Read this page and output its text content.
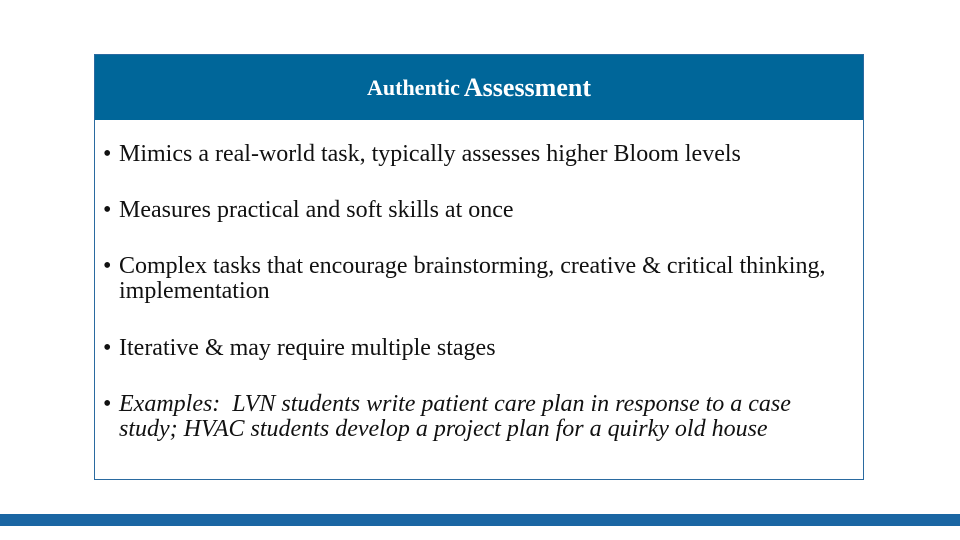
Authentic
Assessment
• Mimics a real-world task, typically assesses higher Bloom levels
• Measures practical and soft skills at once
• Complex tasks that encourage brainstorming, creative & critical thinking, implementation
• Iterative & may require multiple stages
• Examples:  LVN students write patient care plan in response to a case study; HVAC students develop a project plan for a quirky old house
